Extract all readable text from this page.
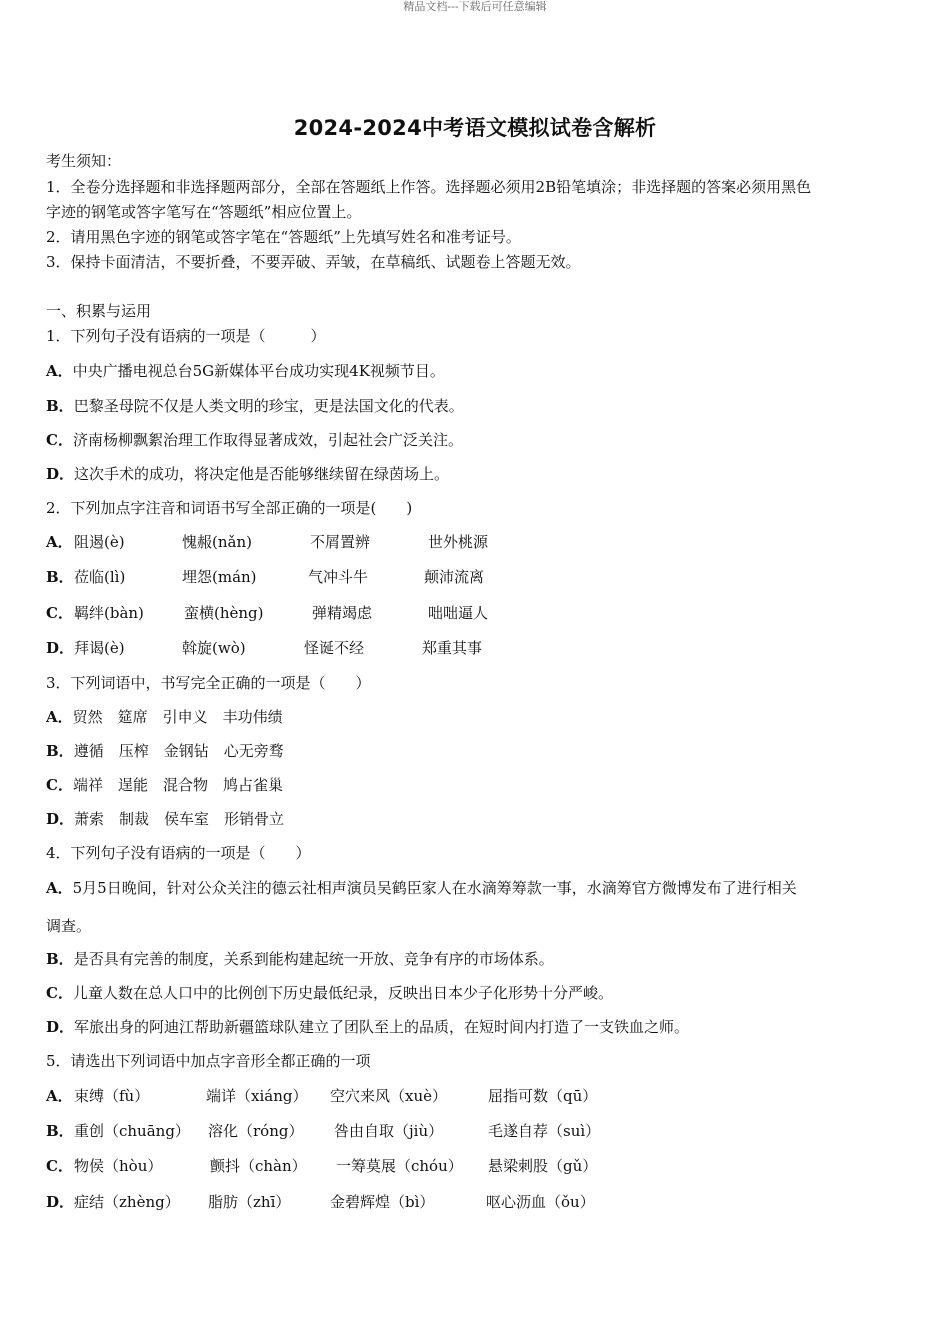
精品文档---下载后可任意编辑
2024-2024中考语文模拟试卷含解析
考生须知：
1．全卷分选择题和非选择题两部分，全部在答题纸上作答。选择题必须用2B铅笔填涂；非选择题的答案必须用黑色
字迹的钢笔或答字笔写在“答题纸”相应位置上。
2．请用黑色字迹的钢笔或答字笔在“答题纸”上先填写姓名和准考证号。
3．保持卡面清洁，不要折叠，不要弄破、弄皱，在草稿纸、试题卷上答题无效。
一、积累与运用
1．下列句子没有语病的一项是（　　　）
A．中央广播电视总台5G新媒体平台成功实现4K视频节目。
B．巴黎圣母院不仅是人类文明的珍宝，更是法国文化的代表。
C．济南杨柳飘絮治理工作取得显著成效，引起社会广泛关注。
D．这次手术的成功，将决定他是否能够继续留在绿茵场上。
2．下列加点字注音和词语书写全部正确的一项是(　　)
A． 阻遏(è)	愧赧(nǎn)	不屑置辨	世外桃源
B． 莅临(lì)	埋怨(mán)	气冲斗牛	颠沛流离
C． 羁绊(bàn)	蛮横(hèng)	弹精竭虑	咄咄逼人
D． 拜谒(è)	斡旋(wò)	怪诞不经	郑重其事
3．下列词语中，书写完全正确的一项是（　　）
A．贸然　筵席　引申义　丰功伟绩
B．遵循　压榨　金钢钻　心无旁骛
C．端祥　逞能　混合物　鸠占雀巢
D．萧索　制裁　侯车室　形销骨立
4．下列句子没有语病的一项是（　　）
A．5月5日晚间，针对公众关注的德云社相声演员吴鹤臣家人在水滴筹筹款一事，水滴筹官方微博发布了进行相关
调查。
B．是否具有完善的制度，关系到能构建起统一开放、竞争有序的市场体系。
C．儿童人数在总人口中的比例创下历史最低纪录，反映出日本少子化形势十分严峻。
D．军旅出身的阿迪江帮助新疆篮球队建立了团队至上的品质，在短时间内打造了一支铁血之师。
5．请选出下列词语中加点字音形全都正确的一项
A． 束缚（fù）	端详（xiáng） 空穴来风（xuè）	屈指可数（qū）
B． 重创（chuāng） 溶化（róng） 咎由自取（jiù）	毛遂自荐（suì）
C． 物侯（hòu）	颤抖（chàn） 一筹莫展（chóu） 悬梁刺股（gǔ）
D． 症结（zhèng） 脂肪（zhī）	金碧辉煌（bì）	呕心沥血（ǒu）
